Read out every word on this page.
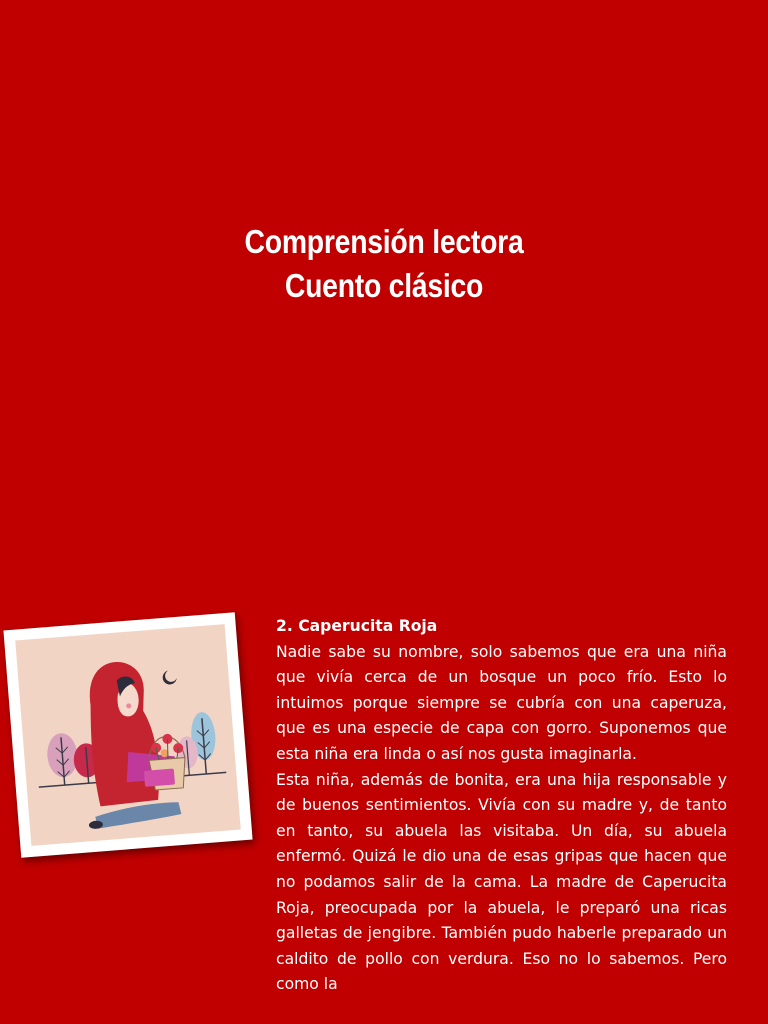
Comprensión lectora
Cuento clásico

2. Caperucita Roja

Nadie sabe su nombre, solo sabemos que era una niña que vivía cerca de un bosque un poco frío. Esto lo intuimos porque siempre se cubría con una caperuza, que es una especie de capa con gorro. Suponemos que esta niña era linda o así nos gusta imaginarla.

Esta niña, además de bonita, era una hija responsable y de buenos sentimientos. Vivía con su madre y, de tanto en tanto, su abuela las visitaba. Un día, su abuela enfermó. Quizá le dio una de esas gripas que hacen que no podamos salir de la cama. La madre de Caperucita Roja, preocupada por la abuela, le preparó una ricas galletas de jengibre. También pudo haberle preparado un caldito de pollo con verdura. Eso no lo sabemos. Pero como la
